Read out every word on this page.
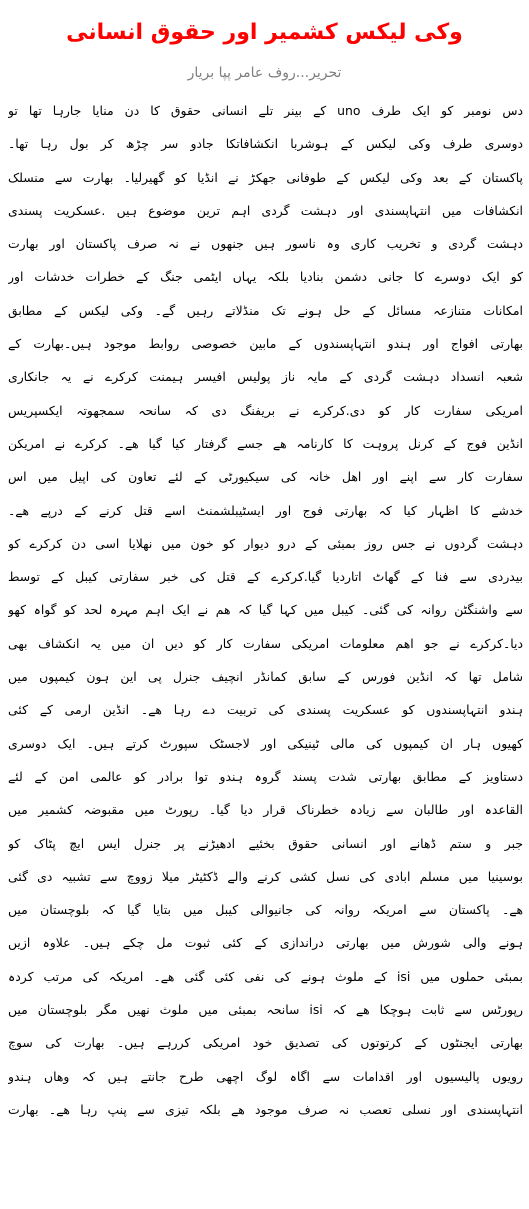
وکی لیکس کشمیر اور حقوق انسانی
تحریر...روف عامر پپا بریار
دس نومبر کو ایک طرف uno کے بینر تلے انسانی حقوق کا دن منایا جارہا تھا تو
دوسری طرف وکی لیکس کے ہوشربا انکشافاتکا جادو سر چڑھ کر بول رہا تھا۔
پاکستان کے بعد وکی لیکس کے طوفانی جھکڑ نے انڈیا کو گھیرلیا۔ بھارت سے منسلک
انکشافات میں انتہاپسندی اور دہشت گردی اہم ترین موضوع ہیں .عسکریت پسندی
دہشت گردی و تخریب کاری وہ ناسور ہیں جنھوں نے نہ صرف پاکستان اور بھارت
کو ایک دوسرے کا جانی دشمن بنادیا بلکہ یہاں ایٹمی جنگ کے خطرات خدشات اور
امکانات متنازعہ مسائل کے حل ہونے تک منڈلاتے رہیں گے۔ وکی لیکس کے مطابق
بھارتی افواج اور ہندو انتہاپسندوں کے مابین خصوصی روابط موجود ہیں۔بھارت کے
شعبہ انسداد دہشت گردی کے مایہ ناز پولیس افیسر ہیمنت کرکرے نے یہ جانکاری
امریکی سفارت کار کو دی.کرکرے نے بریفنگ دی کہ سانحہ سمجھوتہ ایکسپریس
انڈین فوج کے کرنل پروہت کا کارنامہ ھے جسے گرفتار کیا گیا ھے۔ کرکرے نے امریکن
سفارت کار سے اپنے اور اھل خانہ کی سیکیورٹی کے لئے تعاون کی اپیل میں اس
خدشے کا اظہار کیا کہ بھارتی فوج اور ایسٹیبلشمنٹ اسے قتل کرنے کے درپے ھے۔
دہشت گردوں نے جس روز بمبئی کے درو دیوار کو خون میں نھلایا اسی دن کرکرے کو
بیدردی سے فنا کے گھاٹ اتاردیا گیا.کرکرے کے قتل کی خبر سفارتی کیبل کے توسط
سے واشنگٹن روانہ کی گئی۔ کیبل میں کہا گیا کہ ھم نے ایک اہم مہرہ لحد کو گواہ کھو
دیا۔کرکرے نے جو اھم معلومات امریکی سفارت کار کو دیں ان میں یہ انکشاف بھی
شامل تھا کہ انڈین فورس کے سابق کمانڈر انچیف جنرل پی این ہون کیمپوں میں
ہندو انتہاپسندوں کو عسکریت پسندی کی تربیت دے رہا ھے۔ انڈین ارمی کے کئی
کھیوں ہار ان کیمپوں کی مالی ٹینیکی اور لاجسٹک سپورٹ کرتے ہیں۔ ایک دوسری
دستاویز کے مطابق بھارتی شدت پسند گروہ ہندو توا برادر کو عالمی امن کے لئے
القاعدہ اور طالبان سے زیادہ خطرناک قرار دیا گیا۔ رپورٹ میں مقبوضہ کشمیر میں
جبر و ستم ڈھانے اور انسانی حقوق بخئیے ادھیڑنے پر جنرل ایس ایچ پٹاک کو
بوسینیا میں مسلم ابادی کی نسل کشی کرنے والے ڈکٹیٹر میلا زووچ سے تشبیہ دی گئی
ھے۔ پاکستان سے امریکہ روانہ کی جانیوالی کیبل میں بتایا گیا کہ بلوچستان میں
ہونے والی شورش میں بھارتی دراندازی کے کئی ثبوت مل چکے ہیں۔ علاوہ ازیں
بمبئی حملوں میں isi کے ملوث ہونے کی نفی کئی گئی ھے۔ امریکہ کی مرتب کردہ
رپورٹس سے ثابت ہوچکا ھے کہ isi سانحہ بمبئی میں ملوث نھیں مگر بلوچستان میں
بھارتی ایجنٹوں کے کرتوتوں کی تصدیق خود امریکی کررہے ہیں۔ بھارت کی سوچ
رویوں پالیسیوں اور اقدامات سے اگاہ لوگ اچھی طرح جانتے ہیں کہ وھاں ہندو
انتہاپسندی اور نسلی تعصب نہ صرف موجود ھے بلکہ تیزی سے پنپ رہا ھے۔ بھارت
